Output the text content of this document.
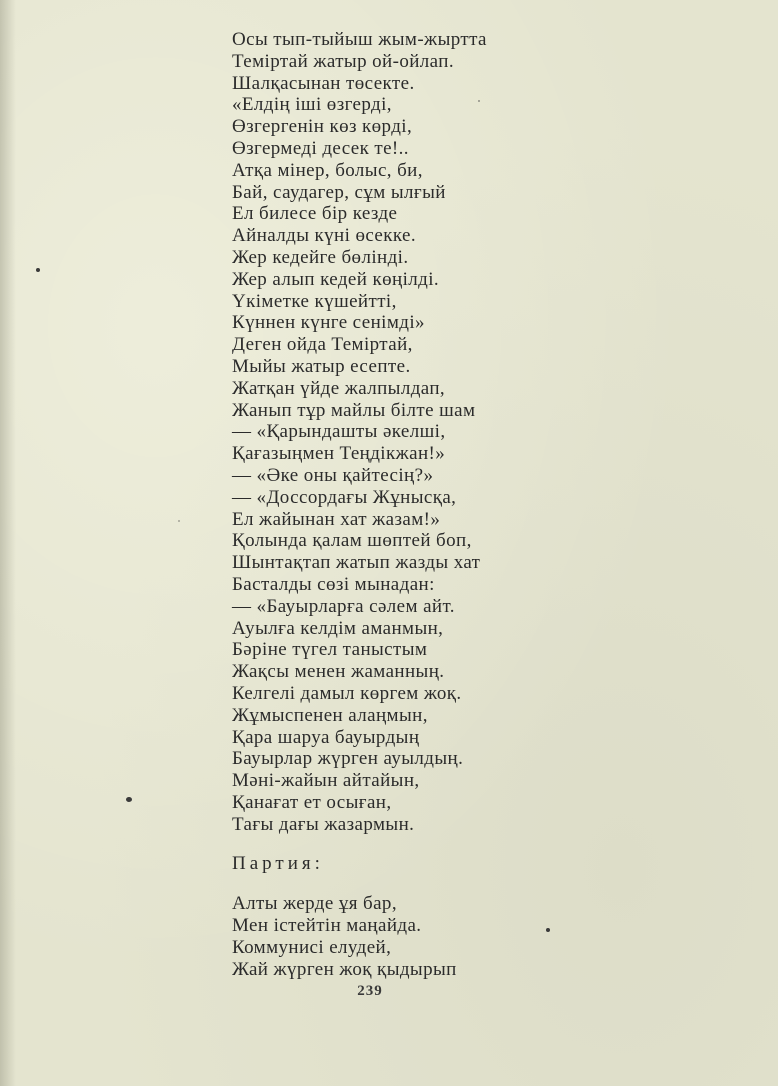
Осы тып-тыйыш жым-жыртта
Теміртай жатыр ой-ойлап.
Шалқасынан төсекте.
«Елдің іші өзгерді,
Өзгергенін көз көрді,
Өзгермеді десек те!..
Атқа мінер, болыс, би,
Бай, саудагер, сұм ылғый
Ел билесе бір кезде
Айналды күні өсекке.
Жер кедейге бөлінді.
Жер алып кедей көңілді.
Үкіметке күшейтті,
Күннен күнге сенімді»
Деген ойда Теміртай,
Мыйы жатыр есепте.
Жатқан үйде жалпылдап,
Жанып тұр майлы білте шам
— «Қарындашты әкелші,
Қағазыңмен Теңдікжан!»
— «Әке оны қайтесің?»
— «Доссордағы Жұнысқа,
Ел жайынан хат жазам!»
Қолында қалам шөптей боп,
Шынтақтап жатып жазды хат
Басталды сөзі мынадан:
— «Бауырларға сәлем айт.
Ауылға келдім аманмын,
Бәріне түгел таныстым
Жақсы менен жаманның.
Келгелі дамыл көргем жоқ.
Жұмыспенен алаңмын,
Қара шаруа бауырдың
Бауырлар жүрген ауылдың.
Мәні-жайын айтайын,
Қанағат ет осыған,
Тағы дағы жазармын.
Партия:
Алты жерде ұя бар,
Мен істейтін маңайда.
Коммунисі елудей,
Жай жүрген жоқ қыдырып
239
